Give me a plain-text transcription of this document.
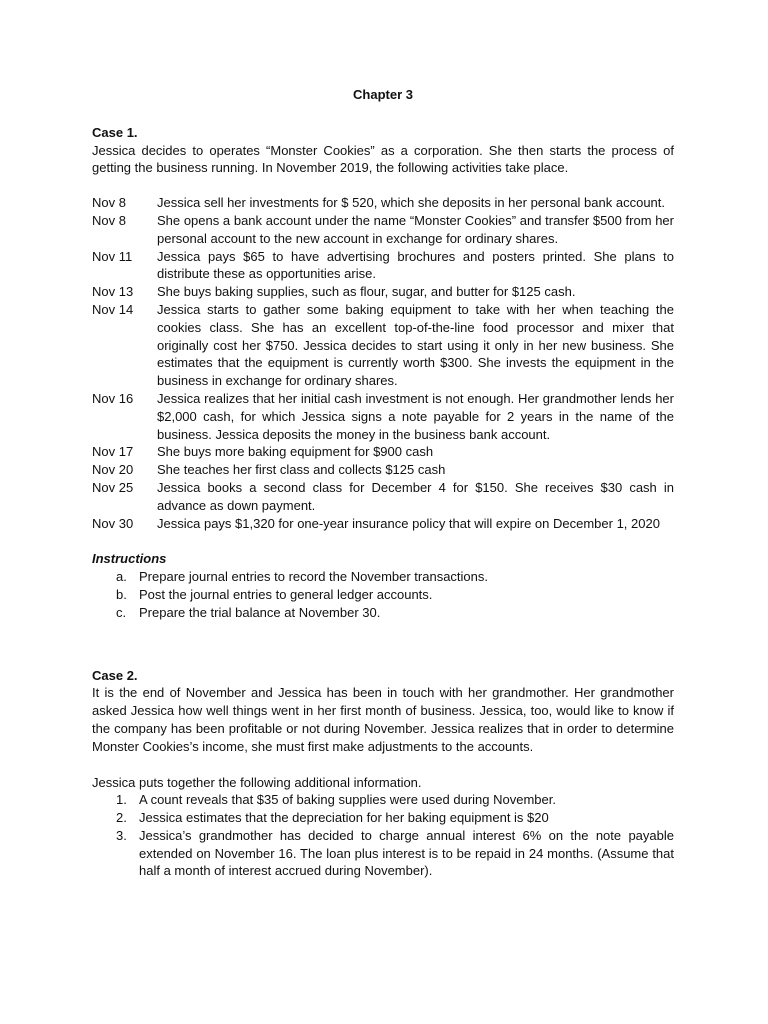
Chapter 3
Case 1.

Jessica decides to operates “Monster Cookies” as a corporation. She then starts the process of getting the business running. In November 2019, the following activities take place.

Nov 8	Jessica sell her investments for $ 520, which she deposits in her personal bank account.
Nov 8	She opens a bank account under the name “Monster Cookies” and transfer $500 from her personal account to the new account in exchange for ordinary shares.
Nov 11	Jessica pays $65 to have advertising brochures and posters printed. She plans to distribute these as opportunities arise.
Nov 13	She buys baking supplies, such as flour, sugar, and butter for $125 cash.
Nov 14	Jessica starts to gather some baking equipment to take with her when teaching the cookies class. She has an excellent top-of-the-line food processor and mixer that originally cost her $750. Jessica decides to start using it only in her new business. She estimates that the equipment is currently worth $300. She invests the equipment in the business in exchange for ordinary shares.
Nov 16	Jessica realizes that her initial cash investment is not enough. Her grandmother lends her $2,000 cash, for which Jessica signs a note payable for 2 years in the name of the business. Jessica deposits the money in the business bank account.
Nov 17	She buys more baking equipment for $900 cash
Nov 20	She teaches her first class and collects $125 cash
Nov 25	Jessica books a second class for December 4 for $150. She receives $30 cash in advance as down payment.
Nov 30	Jessica pays $1,320 for one-year insurance policy that will expire on December 1, 2020
Instructions
a. Prepare journal entries to record the November transactions.
b. Post the journal entries to general ledger accounts.
c. Prepare the trial balance at November 30.
Case 2.

It is the end of November and Jessica has been in touch with her grandmother. Her grandmother asked Jessica how well things went in her first month of business. Jessica, too, would like to know if the company has been profitable or not during November. Jessica realizes that in order to determine Monster Cookies’s income, she must first make adjustments to the accounts.

Jessica puts together the following additional information.

1. A count reveals that $35 of baking supplies were used during November.
2. Jessica estimates that the depreciation for her baking equipment is $20
3. Jessica’s grandmother has decided to charge annual interest 6% on the note payable extended on November 16. The loan plus interest is to be repaid in 24 months. (Assume that half a month of interest accrued during November).
